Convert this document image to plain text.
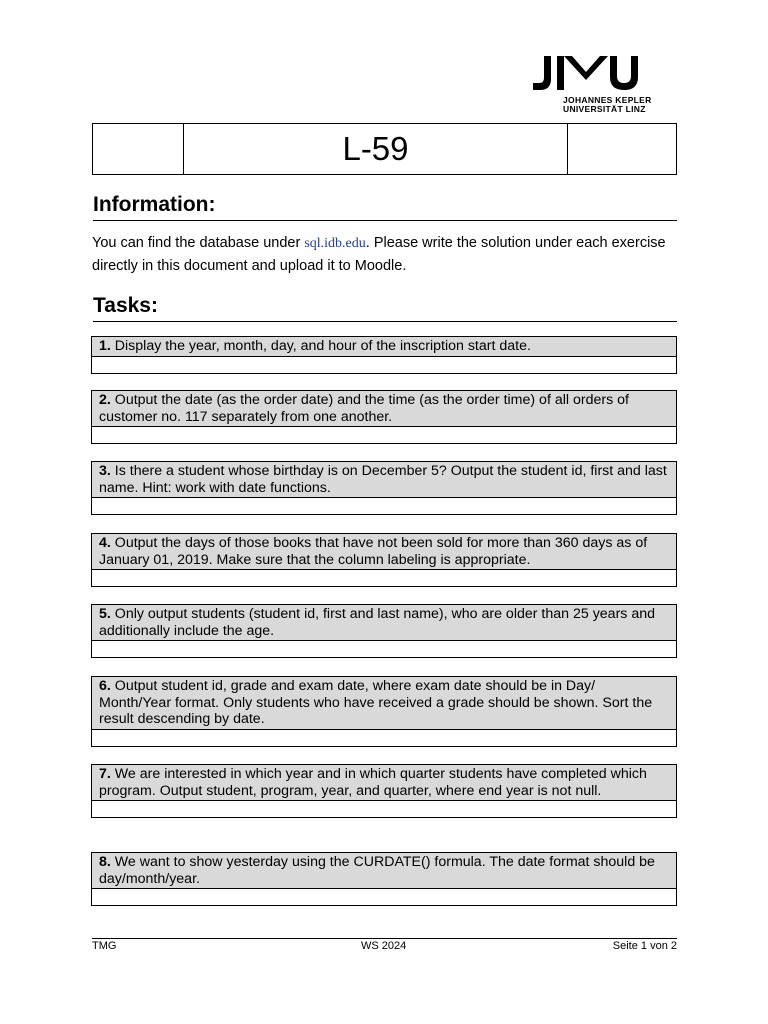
JOHANNES KEPLER
UNIVERSITÄT LINZ
L-59
Information:
You can find the database under sql.idb.edu. Please write the solution under each exercise directly in this document and upload it to Moodle.
Tasks:
1. Display the year, month, day, and hour of the inscription start date.
2. Output the date (as the order date) and the time (as the order time) of all orders of customer no. 117 separately from one another.
3. Is there a student whose birthday is on December 5? Output the student id, first and last name. Hint: work with date functions.
4. Output the days of those books that have not been sold for more than 360 days as of January 01, 2019. Make sure that the column labeling is appropriate.
5. Only output students (student id, first and last name), who are older than 25 years and additionally include the age.
6. Output student id, grade and exam date, where exam date should be in Day/ Month/Year format. Only students who have received a grade should be shown. Sort the result descending by date.
7. We are interested in which year and in which quarter students have completed which program. Output student, program, year, and quarter, where end year is not null.
8. We want to show yesterday using the CURDATE() formula. The date format should be day/month/year.
TMG	WS 2024	Seite 1 von 2
